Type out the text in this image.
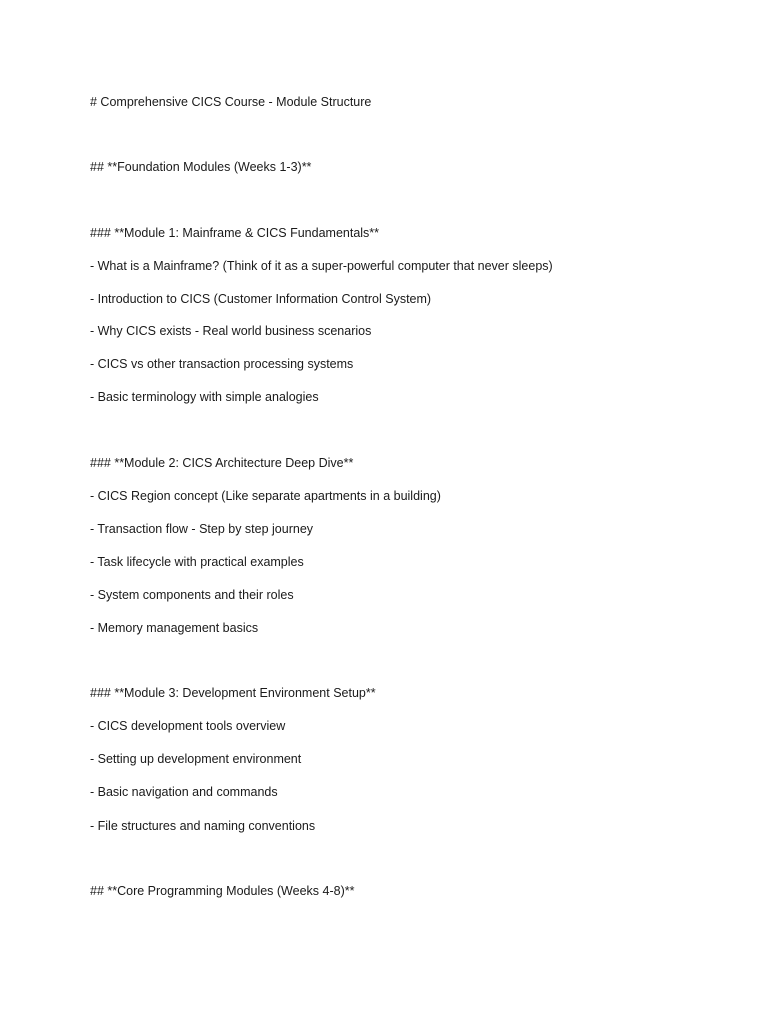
# Comprehensive CICS Course - Module Structure
## **Foundation Modules (Weeks 1-3)**
### **Module 1: Mainframe & CICS Fundamentals**
- What is a Mainframe? (Think of it as a super-powerful computer that never sleeps)
- Introduction to CICS (Customer Information Control System)
- Why CICS exists - Real world business scenarios
- CICS vs other transaction processing systems
- Basic terminology with simple analogies
### **Module 2: CICS Architecture Deep Dive**
- CICS Region concept (Like separate apartments in a building)
- Transaction flow - Step by step journey
- Task lifecycle with practical examples
- System components and their roles
- Memory management basics
### **Module 3: Development Environment Setup**
- CICS development tools overview
- Setting up development environment
- Basic navigation and commands
- File structures and naming conventions
## **Core Programming Modules (Weeks 4-8)**
